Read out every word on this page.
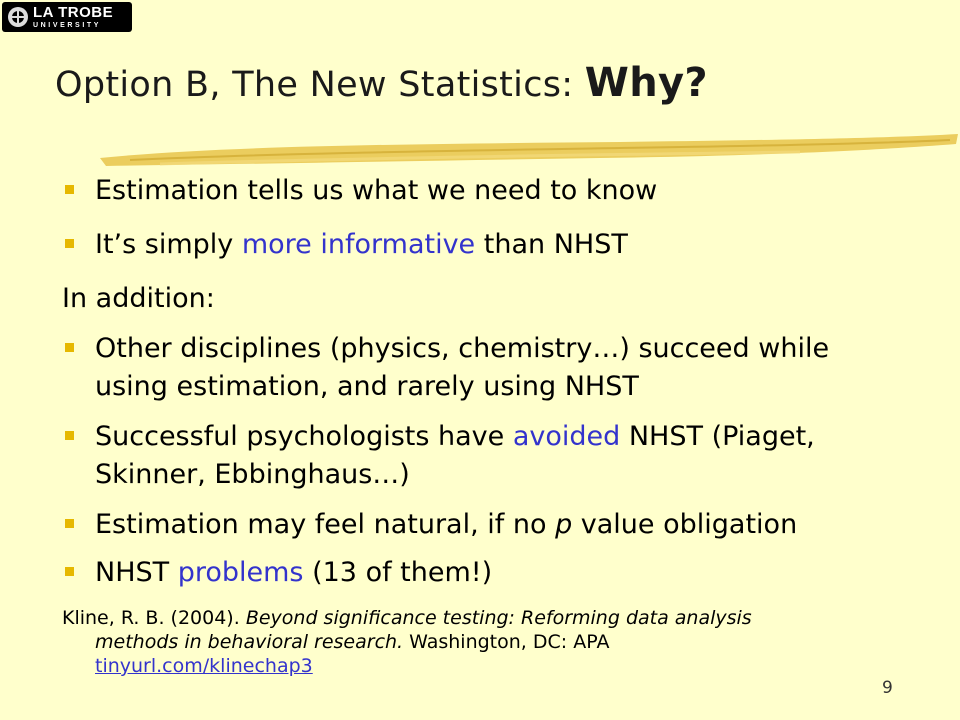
LA TROBE
UNIVERSITY
Option B, The New Statistics: Why?

Estimation tells us what we need to know

It’s simply more informative than NHST

In addition:

Other disciplines (physics, chemistry…) succeed while
using estimation, and rarely using NHST

Successful psychologists have avoided NHST (Piaget,
Skinner, Ebbinghaus…)

Estimation may feel natural, if no p value obligation

NHST problems (13 of them!)

Kline, R. B. (2004). Beyond significance testing: Reforming data analysis

methods in behavioral research. Washington, DC: APA

tinyurl.com/klinechap3

9
